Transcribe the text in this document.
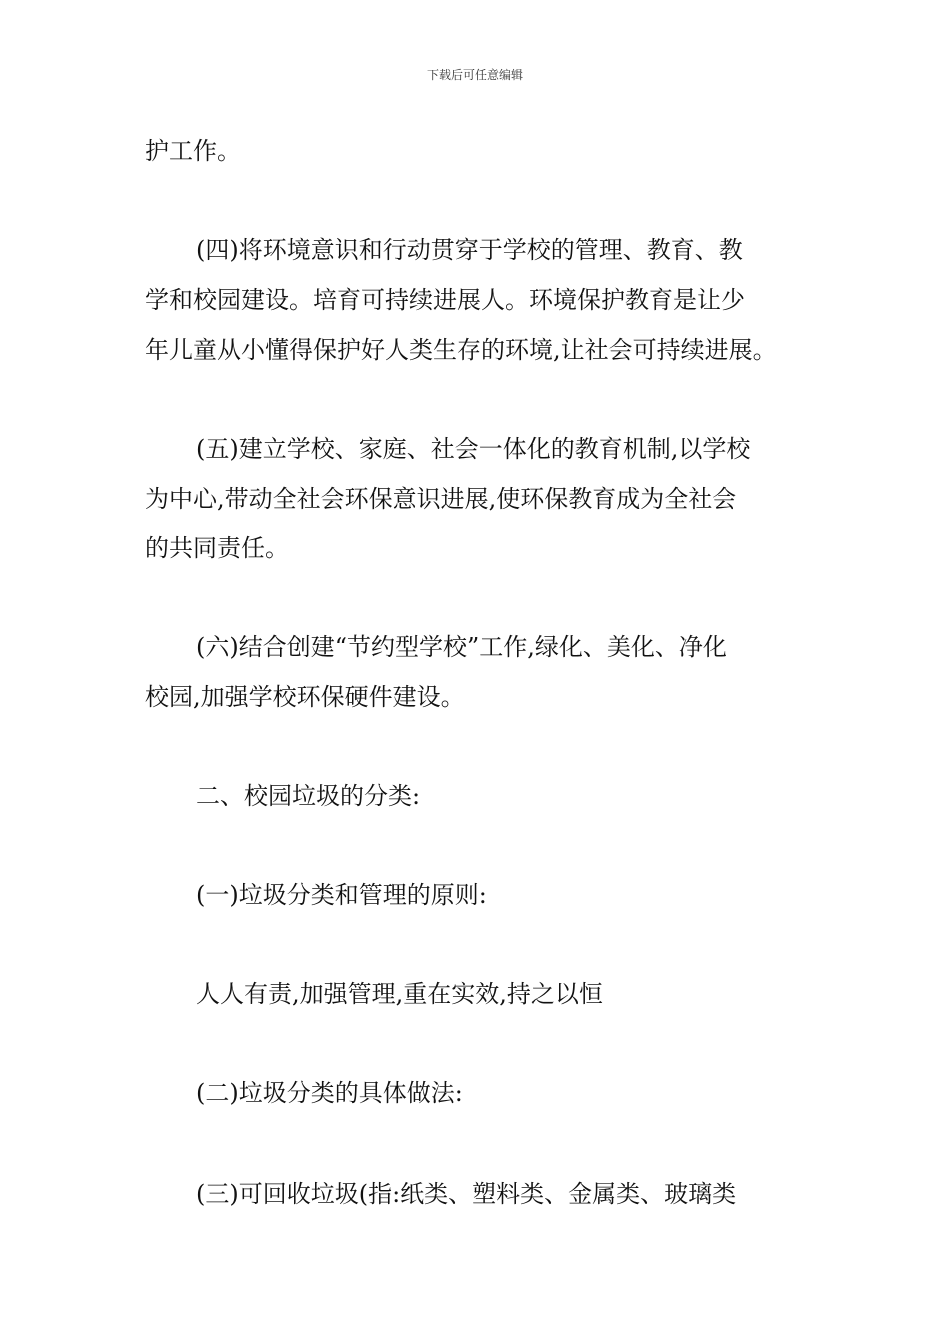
下载后可任意编辑
护工作。
(四)将环境意识和行动贯穿于学校的管理、教育、教
学和校园建设。培育可持续进展人。环境保护教育是让少
年儿童从小懂得保护好人类生存的环境,让社会可持续进展。
(五)建立学校、家庭、社会一体化的教育机制,以学校
为中心,带动全社会环保意识进展,使环保教育成为全社会
的共同责任。
(六)结合创建“节约型学校”工作,绿化、美化、净化
校园,加强学校环保硬件建设。
二、校园垃圾的分类:
(一)垃圾分类和管理的原则:
人人有责,加强管理,重在实效,持之以恒
(二)垃圾分类的具体做法:
(三)可回收垃圾(指:纸类、塑料类、金属类、玻璃类
